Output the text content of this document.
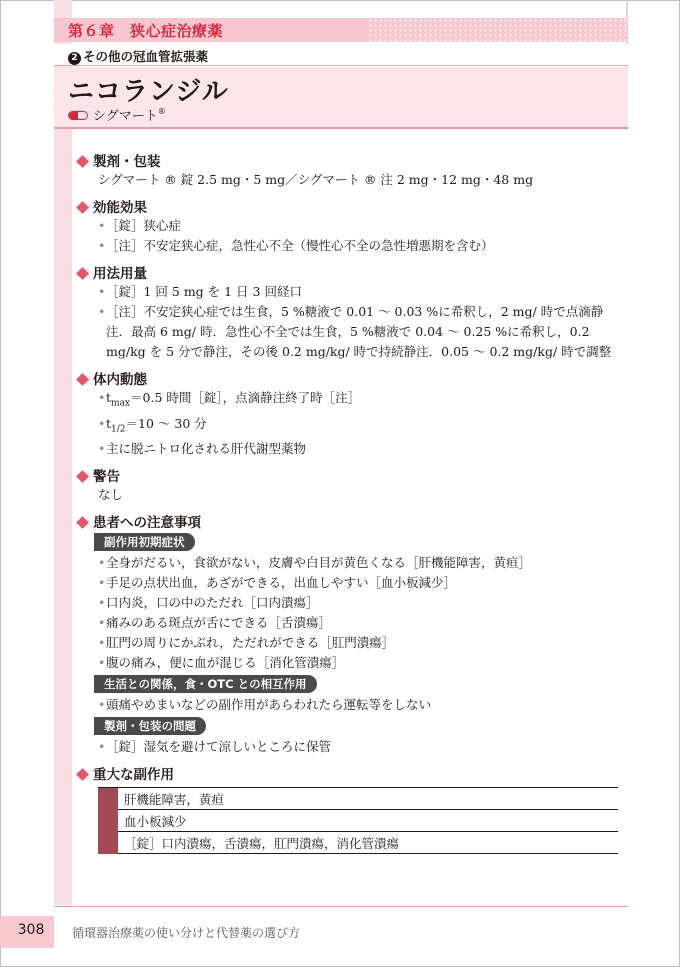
第６章　狭心症治療薬
2 その他の冠血管拡張薬
ニコランジル
シグマート®
製剤・包装
シグマート ® 錠 2.5 mg・5 mg／シグマート ® 注 2 mg・12 mg・48 mg
効能効果
•［錠］狭心症
•［注］不安定狭心症，急性心不全（慢性心不全の急性増悪期を含む）
用法用量
•［錠］1 回 5 mg を 1 日 3 回経口
•［注］不安定狭心症では生食，5 %糖液で 0.01 〜 0.03 %に希釈し，2 mg/ 時で点滴静注．最高 6 mg/ 時．急性心不全では生食，5 %糖液で 0.04 〜 0.25 %に希釈し，0.2 mg/kg を 5 分で静注，その後 0.2 mg/kg/ 時で持続静注．0.05 〜 0.2 mg/kg/ 時で調整
体内動態
$•t_{max}=0.5$ 時間［錠］，点滴静注終了時［注］
$•t_{1/2}=10$ 〜 30 分
•主に脱ニトロ化される肝代謝型薬物
警告
なし
患者への注意事項
副作用初期症状
•全身がだるい，食欲がない，皮膚や白目が黄色くなる［肝機能障害，黄疸］
•手足の点状出血，あざができる，出血しやすい［血小板減少］
•口内炎，口の中のただれ［口内潰瘍］
•痛みのある斑点が舌にできる［舌潰瘍］
•肛門の周りにかぶれ，ただれができる［肛門潰瘍］
•腹の痛み，便に血が混じる［消化管潰瘍］
生活との関係，食・OTC との相互作用
•頭痛やめまいなどの副作用があらわれたら運転等をしない
製剤・包装の問題
•［錠］湿気を避けて涼しいところに保管
重大な副作用
	肝機能障害，黄疸
血小板減少
［錠］口内潰瘍，舌潰瘍，肛門潰瘍，消化管潰瘍
308	循環器治療薬の使い分けと代替薬の選び方
